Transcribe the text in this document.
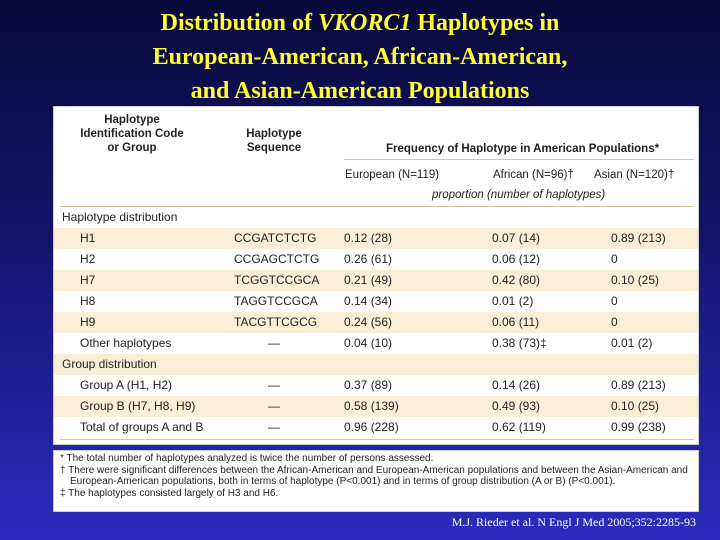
Distribution of VKORC1 Haplotypes in
European-American, African-American,
and Asian-American Populations
Haplotype
Identification Code
or Group
Haplotype
Sequence	Frequency of Haplotype in American Populations*
European (N=119)	African (N=96)† Asian (N=120)†
proportion (number of haplotypes)
Haplotype distribution
H1	CCGATCTCTG 0.12 (28)	0.07 (14)	0.89 (213)
H2	CCGAGCTCTG 0.26 (61)	0.06 (12)	0
H7	TCGGTCCGCA 0.21 (49)	0.42 (80)	0.10 (25)
H8	TAGGTCCGCA 0.14 (34)	0.01 (2)	0
H9	TACGTTCGCG 0.24 (56)	0.06 (11)	0
Other haplotypes	—	0.04 (10)	0.38 (73)‡	0.01 (2)
Group distribution
Group A (H1, H2)	—	0.37 (89)	0.14 (26)	0.89 (213)
Group B (H7, H8, H9)	—	0.58 (139)	0.49 (93)	0.10 (25)
Total of groups A and B	—	0.96 (228)	0.62 (119)	0.99 (238)
* The total number of haplotypes analyzed is twice the number of persons assessed.
† There were significant differences between the African-American and European-American populations and between the Asian-American and European-American populations, both in terms of haplotype (P<0.001) and in terms of group distribution (A or B) (P<0.001).
‡ The haplotypes consisted largely of H3 and H6.
M.J. Rieder et al. N Engl J Med 2005;352:2285-93
